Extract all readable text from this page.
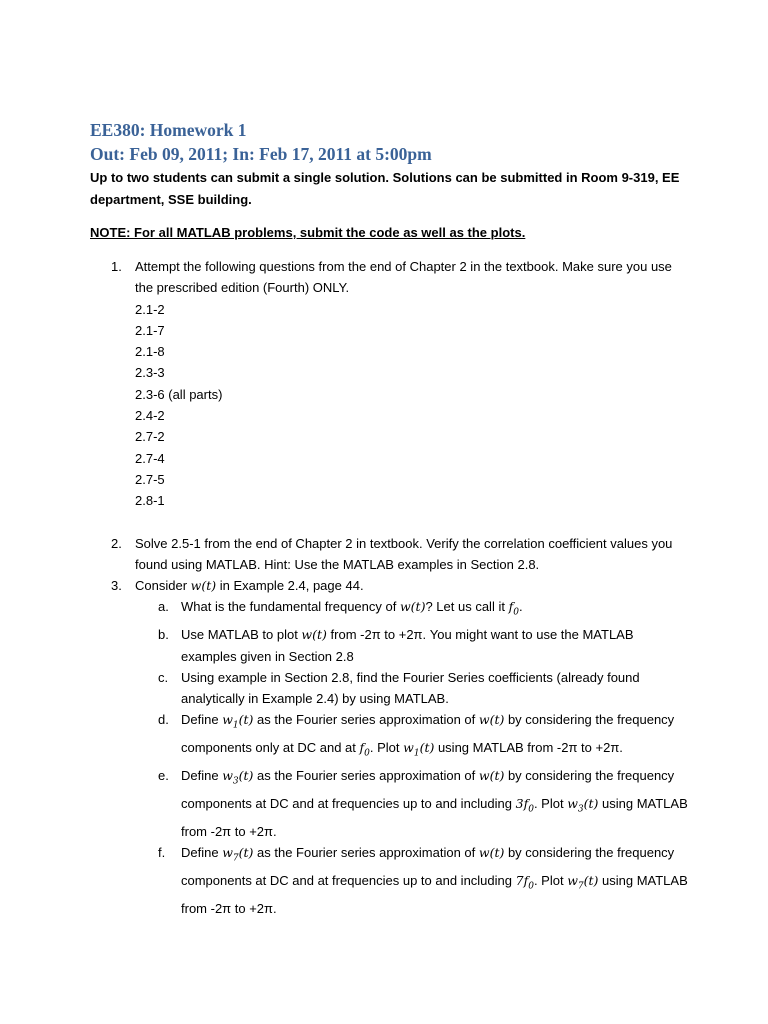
EE380: Homework 1
Out: Feb 09, 2011; In: Feb 17, 2011 at 5:00pm
Up to two students can submit a single solution. Solutions can be submitted in Room 9-319, EE department, SSE building.
NOTE: For all MATLAB problems, submit the code as well as the plots.
1. Attempt the following questions from the end of Chapter 2 in the textbook. Make sure you use the prescribed edition (Fourth) ONLY.
2.1-2
2.1-7
2.1-8
2.3-3
2.3-6 (all parts)
2.4-2
2.7-2
2.7-4
2.7-5
2.8-1
2. Solve 2.5-1 from the end of Chapter 2 in textbook. Verify the correlation coefficient values you found using MATLAB. Hint: Use the MATLAB examples in Section 2.8.
3. Consider w(t) in Example 2.4, page 44.
a. What is the fundamental frequency of w(t)? Let us call it $f_0$.
b. Use MATLAB to plot w(t) from -2π to +2π. You might want to use the MATLAB examples given in Section 2.8
c. Using example in Section 2.8, find the Fourier Series coefficients (already found analytically in Example 2.4) by using MATLAB.
d. Define $w_1(t)$ as the Fourier series approximation of w(t) by considering the frequency components only at DC and at $f_0$. Plot $w_1(t)$ using MATLAB from -2π to +2π.
e. Define $w_3(t)$ as the Fourier series approximation of w(t) by considering the frequency components at DC and at frequencies up to and including $3f_0$. Plot $w_3(t)$ using MATLAB from -2π to +2π.
f. Define $w_7(t)$ as the Fourier series approximation of w(t) by considering the frequency components at DC and at frequencies up to and including $7f_0$. Plot $w_7(t)$ using MATLAB from -2π to +2π.
